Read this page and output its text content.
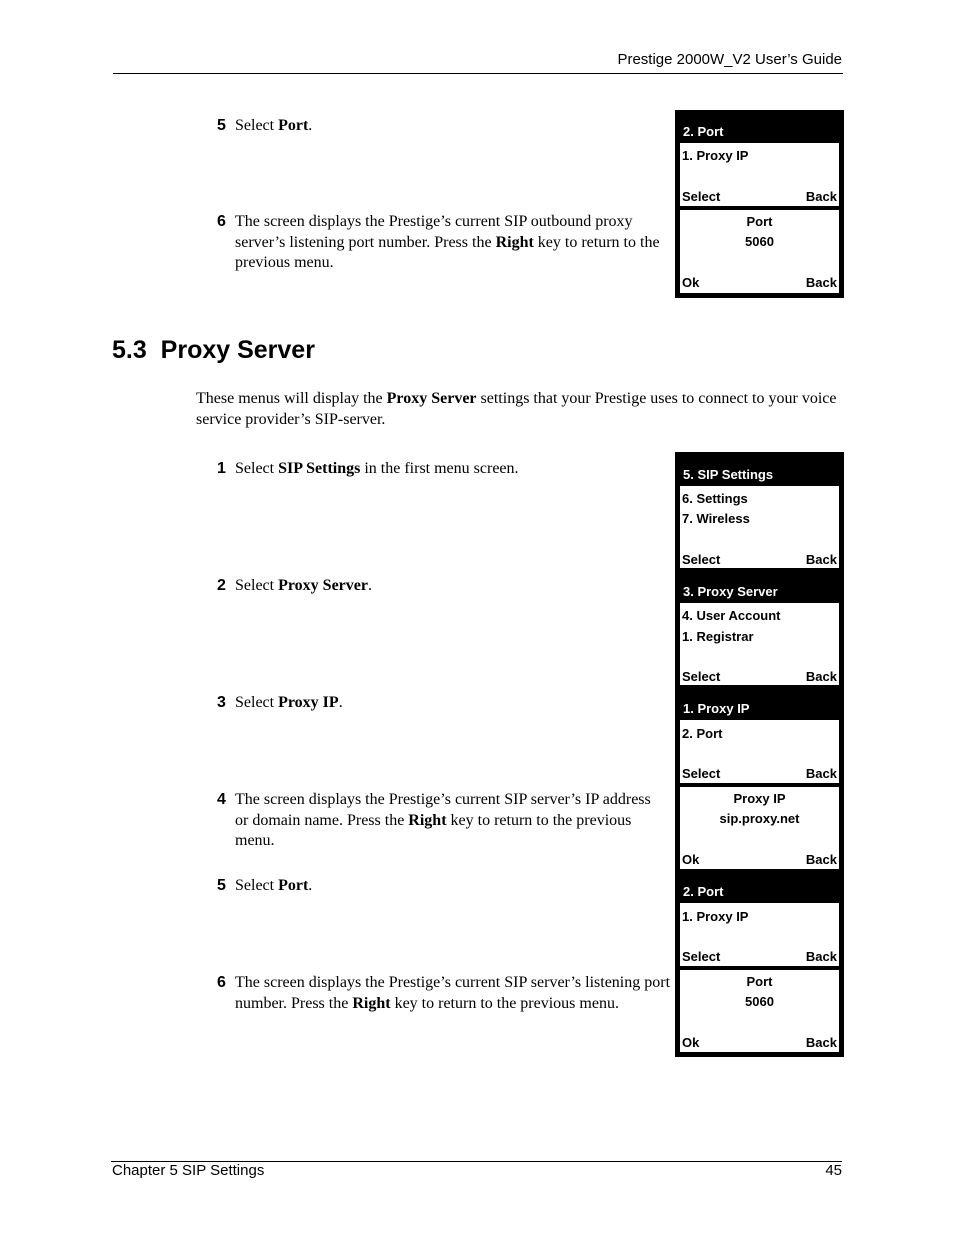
Prestige 2000W_V2 User’s Guide
5 Select Port.
6 The screen displays the Prestige’s current SIP outbound proxy server’s listening port number. Press the Right key to return to the previous menu.
2. Port
1. Proxy IP
Select	Back
Port
5060
Ok	Back
5.3 Proxy Server
These menus will display the Proxy Server settings that your Prestige uses to connect to your voice service provider’s SIP-server.
1 Select SIP Settings in the first menu screen.
2 Select Proxy Server.
3 Select Proxy IP.
4 The screen displays the Prestige’s current SIP server’s IP address or domain name. Press the Right key to return to the previous menu.
5 Select Port.
6 The screen displays the Prestige’s current SIP server’s listening port number. Press the Right key to return to the previous menu.
5. SIP Settings
6. Settings
7. Wireless
Select	Back
3. Proxy Server
4. User Account
1. Registrar
Select	Back
1. Proxy IP
2. Port
Select	Back
Proxy IP
sip.proxy.net
Ok	Back
2. Port
1. Proxy IP
Select	Back
Port
5060
Ok	Back
Chapter 5 SIP Settings	45
